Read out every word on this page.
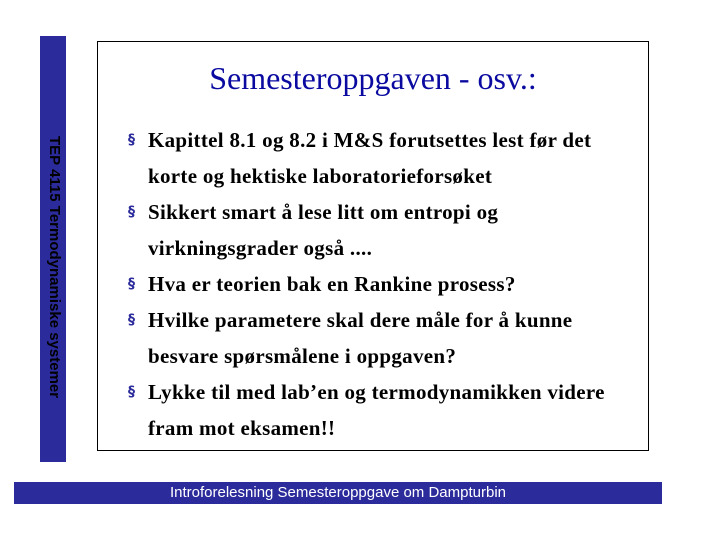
TEP 4115 Termodynamiske systemer
Semesteroppgaven - osv.:
§ Kapittel 8.1 og 8.2 i M&S forutsettes lest før det korte og hektiske laboratorieforsøket
§ Sikkert smart å lese litt om entropi og virkningsgrader også ....
§ Hva er teorien bak en Rankine prosess?
§ Hvilke parametere skal dere måle for å kunne besvare spørsmålene i oppgaven?
§ Lykke til med lab’en og termodynamikken videre fram mot eksamen!!
Introforelesning Semesteroppgave om Dampturbin
